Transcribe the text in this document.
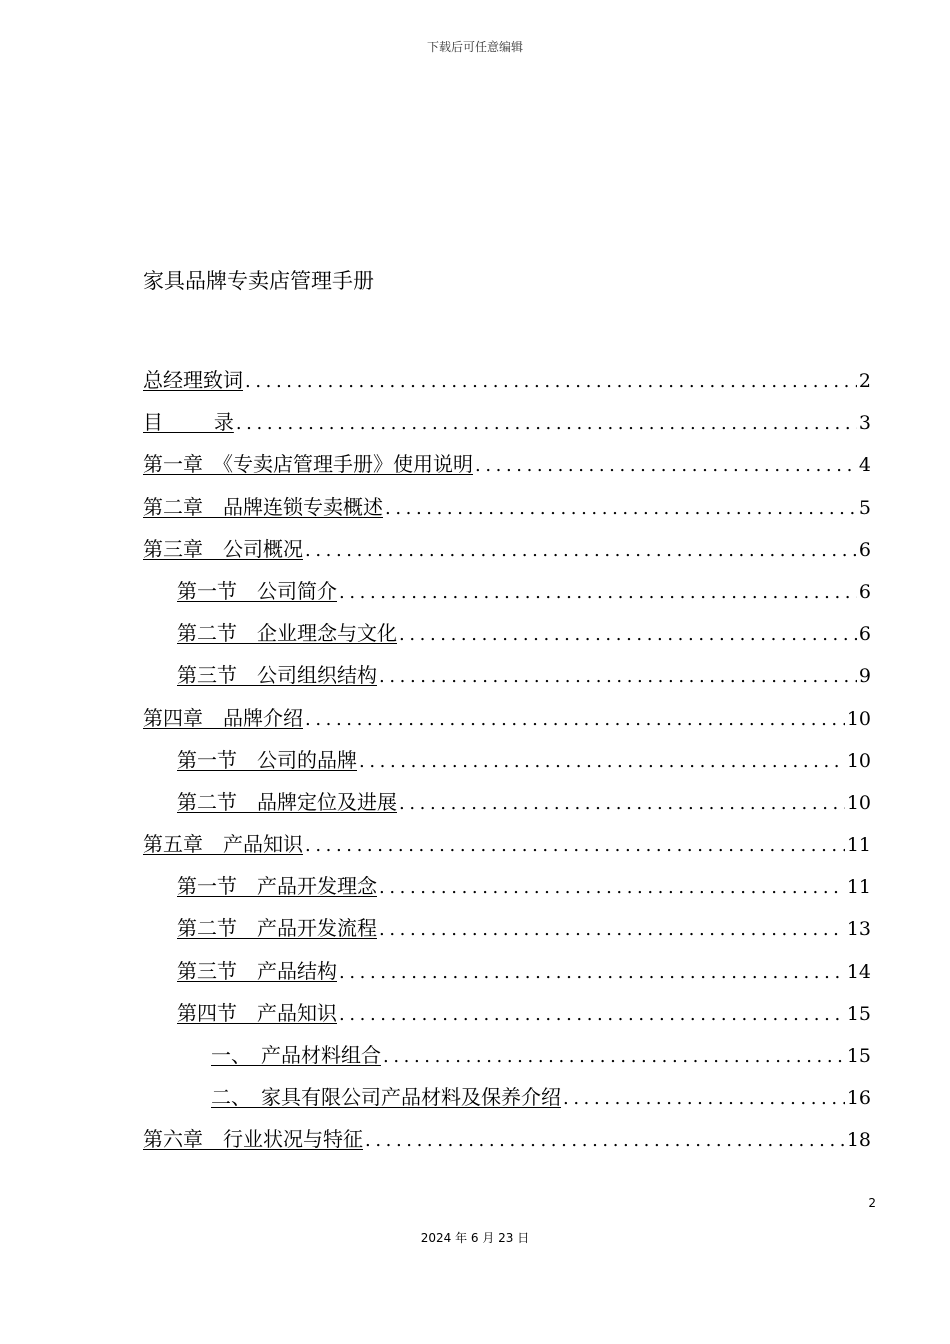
下载后可任意编辑
家具品牌专卖店管理手册
总经理致词 .....	2
目        录 .....	3
第一章　《专卖店管理手册》使用说明 .....	4
第二章　品牌连锁专卖概述 .....	5
第三章　公司概况 .....	6
第一节　公司简介 .....	6
第二节　企业理念与文化 .....	6
第三节　公司组织结构 .....	9
第四章　品牌介绍 .....	10
第一节　公司的品牌 .....	10
第二节　品牌定位及进展 .....	10
第五章　产品知识 .....	11
第一节　产品开发理念 .....	11
第二节　产品开发流程 .....	13
第三节　产品结构 .....	14
第四节　产品知识 .....	15
一、　产品材料组合 .....	15
二、　家具有限公司产品材料及保养介绍 .....	16
第六章　行业状况与特征 .....	18
2
2024 年 6 月 23 日
